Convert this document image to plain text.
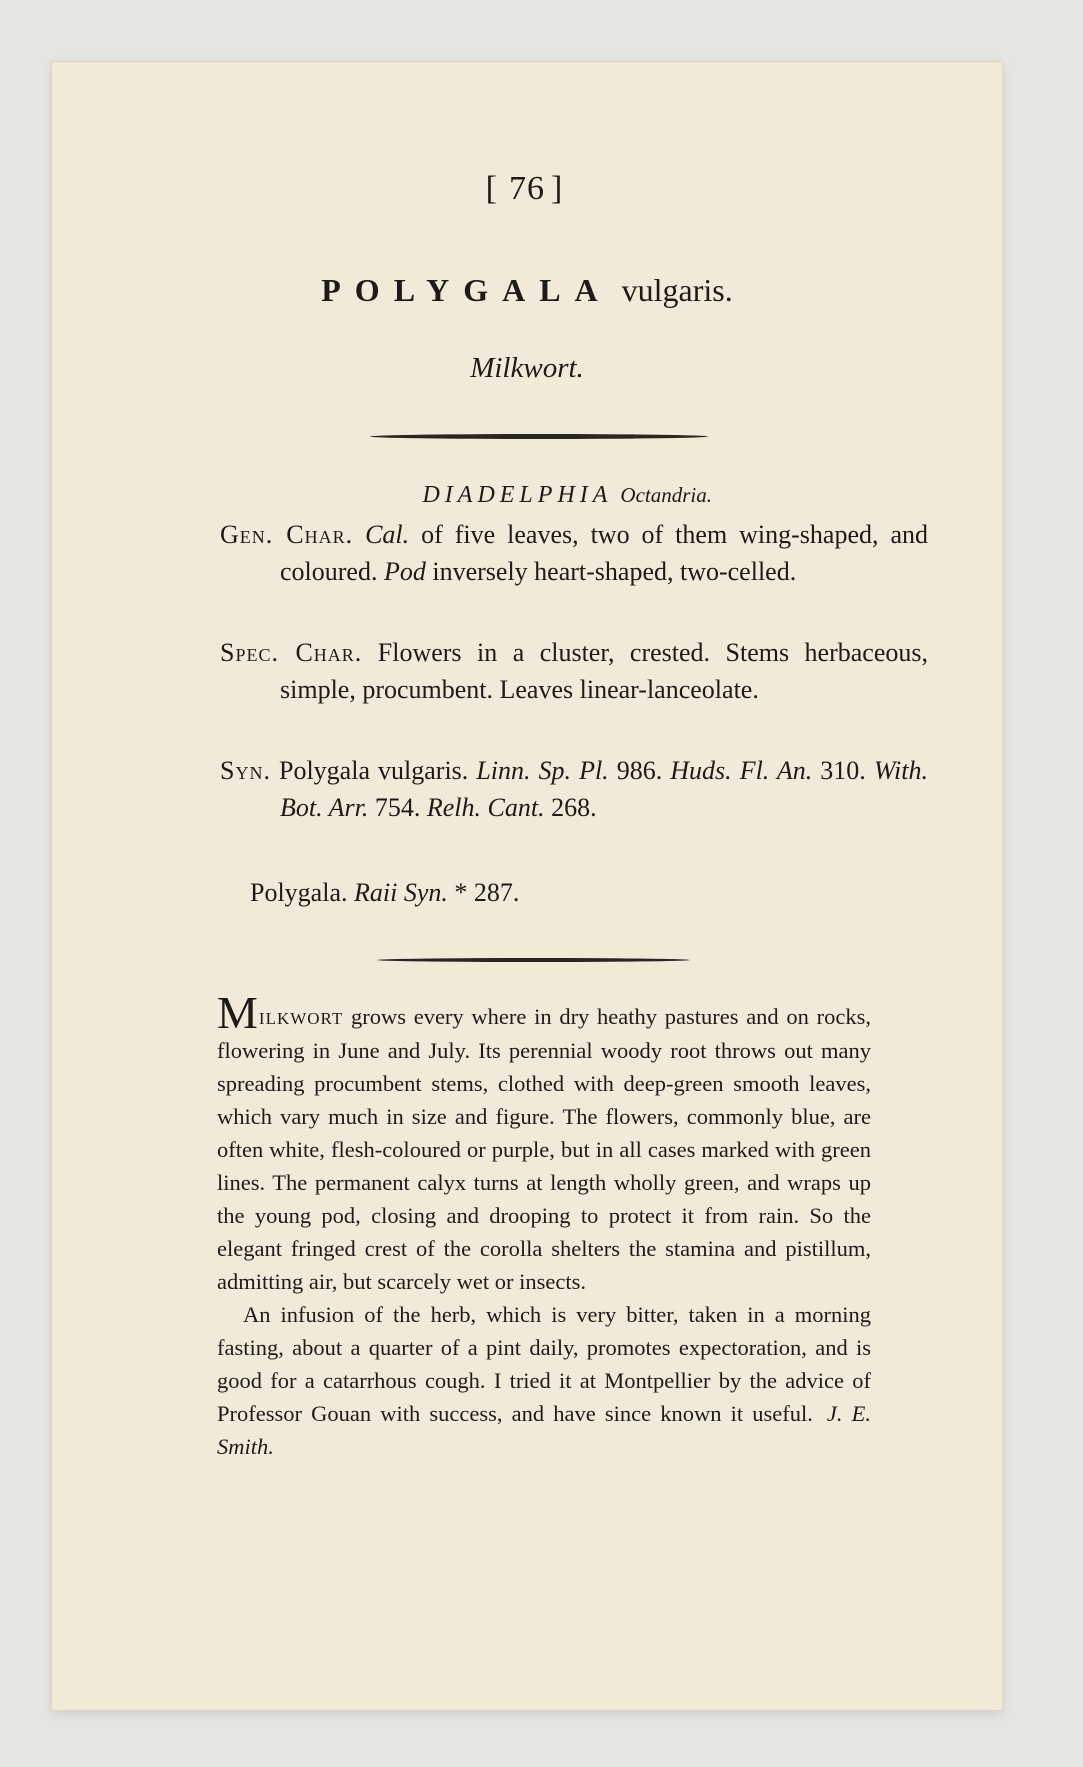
[ 76 ]
POLYGALA vulgaris.
Milkwort.
DIADELPHIA Octandria.

Gen. Char. Cal. of five leaves, two of them wing-shaped, and coloured. Pod inversely heart-shaped, two-celled.

Spec. Char. Flowers in a cluster, crested. Stems herbaceous, simple, procumbent. Leaves linear-lanceolate.

Syn. Polygala vulgaris. Linn. Sp. Pl. 986. Huds. Fl. An. 310. With. Bot. Arr. 754. Relh. Cant. 268.

Polygala. Raii Syn. * 287.

Milkwort grows every where in dry heathy pastures and on rocks, flowering in June and July. Its perennial woody root throws out many spreading procumbent stems, clothed with deep-green smooth leaves, which vary much in size and figure. The flowers, commonly blue, are often white, flesh-coloured or purple, but in all cases marked with green lines. The permanent calyx turns at length wholly green, and wraps up the young pod, closing and drooping to protect it from rain. So the elegant fringed crest of the corolla shelters the stamina and pistillum, admitting air, but scarcely wet or insects.

An infusion of the herb, which is very bitter, taken in a morning fasting, about a quarter of a pint daily, promotes expectoration, and is good for a catarrhous cough. I tried it at Montpellier by the advice of Professor Gouan with success, and have since known it useful. J. E. Smith.
